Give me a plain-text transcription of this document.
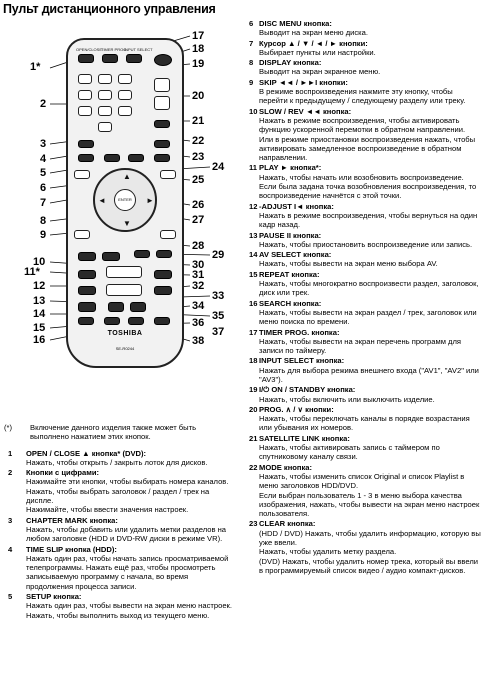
Пульт дистанционного управления
OPEN/CLOSE
TIMER PROG.
INPUT SELECT
▲
▼
◄	►
ENTER
TOSHIBA
SE-R0244
1*
2
3
4
5
6
7
8
9
10
11*
12
13
14
15
16
17
18
19
20
21
22
23
24
25
26
27
28
29
30
31
32
33
34
35
36
37
38
(*)	Включение данного изделия также может быть выполнено нажатием этих кнопок.
1	OPEN / CLOSE ▲ кнопка* (DVD):
Нажать, чтобы открыть / закрыть лоток для дисков.
2	Кнопки с цифрами:
Нажимайте эти кнопки, чтобы выбирать номера каналов.
Нажать, чтобы выбрать заголовок / раздел / трек на диспле.
Нажимайте, чтобы ввести значения настроек.
3	CHAPTER MARK кнопка:
Нажать, чтобы добавить или удалить метки разделов на любом заголовке (HDD и DVD-RW диски в режиме VR).
4	TIME SLIP кнопка (HDD):
Нажать один раз, чтобы начать запись просматриваемой телепрограммы. Нажать ещё раз, чтобы просмотреть записываемую программу с начала, во время продолжения процесса записи.
5	SETUP кнопка:
Нажать один раз, чтобы вывести на экран меню настроек.
Нажать, чтобы выполнить выход из текущего меню.
6 DISC MENU кнопка:
Выводит на экран меню диска.
7 Курсор ▲ / ▼ / ◄ / ► кнопки:
Выбирает пункты или настройки.
8 DISPLAY кнопка:
Выводит на экран экранное меню.
9 SKIP ◄◄ / ►►I кнопки:
В режиме воспроизведения нажмите эту кнопку, чтобы перейти к предыдущему / следующему разделу или треку.
10 SLOW / REV ◄◄ кнопка:
Нажать в режиме воспроизведения, чтобы активировать функцию ускоренной перемотки в обратном направлении.
Или в режиме приостановки воспроизведения нажать, чтобы активировать замедленное воспроизведение в обратном направлении.
11 PLAY ► кнопка*:
Нажать, чтобы начать или возобновить воспроизведение.
Если была задана точка возобновления воспроизведения, то воспроизведение начнётся с этой точки.
12 -ADJUST I◄ кнопка:
Нажать в режиме воспроизведения, чтобы вернуться на один кадр назад.
13 PAUSE II кнопка:
Нажать, чтобы приостановить воспроизведение или запись.
14 AV SELECT кнопка:
Нажать, чтобы вывести на экран меню выбора AV.
15 REPEAT кнопка:
Нажать, чтобы многократно воспроизвести раздел, заголовок, диск или трек.
16 SEARCH кнопка:
Нажать, чтобы вывести на экран раздел / трек, заголовок или меню поиска по времени.
17 TIMER PROG. кнопка:
Нажать, чтобы вывести на экран перечень программ для записи по таймеру.
18 INPUT SELECT кнопка:
Нажать для выбора режима внешнего входа ("AV1", "AV2" или "AV3").
19 I/⏻ ON / STANDBY кнопка:
Нажать, чтобы включить или выключить изделие.
20 PROG. ∧ / ∨ кнопки:
Нажать, чтобы переключать каналы в порядке возрастания или убывания их номеров.
21 SATELLITE LINK кнопка:
Нажать, чтобы активировать запись с таймером по спутниковому каналу связи.
22 MODE кнопка:
Нажать, чтобы изменить список Original и список Playlist в меню заголовков HDD/DVD.
Если выбран пользователь 1 - 3 в меню выбора качества изображения, нажать, чтобы вывести на экран меню настроек пользователя.
23 CLEAR кнопка:
(HDD / DVD) Нажать, чтобы удалить информацию, которую вы уже ввели.
Нажать, чтобы удалить метку раздела.
(DVD) Нажать, чтобы удалить номер трека, который вы ввели в программируемый список видео / аудио компакт-дисков.
